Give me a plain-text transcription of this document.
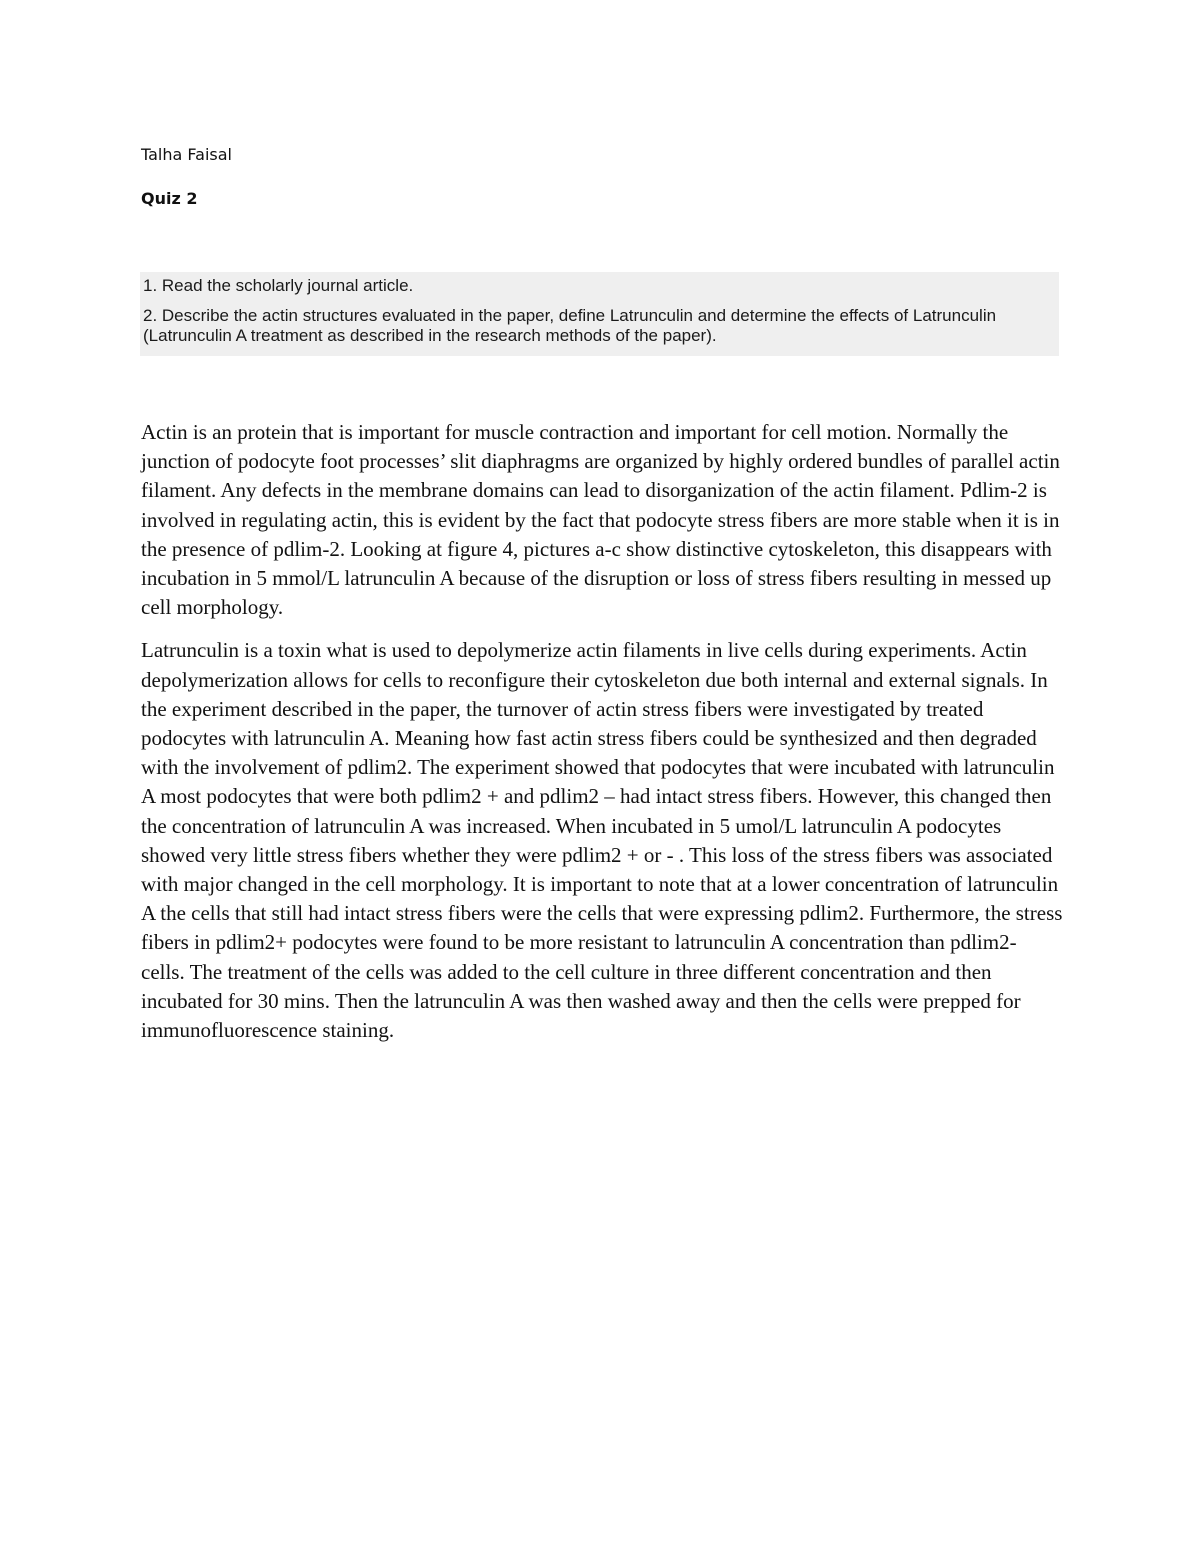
Talha Faisal

Quiz 2

1. Read the scholarly journal article.

2. Describe the actin structures evaluated in the paper, define Latrunculin and determine the effects of Latrunculin (Latrunculin A treatment as described in the research methods of the paper).

Actin is an protein that is important for muscle contraction and important for cell motion. Normally the junction of podocyte foot processes’ slit diaphragms are organized by highly ordered bundles of parallel actin filament. Any defects in the membrane domains can lead to disorganization of the actin filament. Pdlim-2 is involved in regulating actin, this is evident by the fact that podocyte stress fibers are more stable when it is in the presence of pdlim-2. Looking at figure 4, pictures a-c show distinctive cytoskeleton, this disappears with incubation in 5 mmol/L latrunculin A because of the disruption or loss of stress fibers resulting in messed up cell morphology.

Latrunculin is a toxin what is used to depolymerize actin filaments in live cells during experiments. Actin depolymerization allows for cells to reconfigure their cytoskeleton due both internal and external signals. In the experiment described in the paper, the turnover of actin stress fibers were investigated by treated podocytes with latrunculin A. Meaning how fast actin stress fibers could be synthesized and then degraded with the involvement of pdlim2. The experiment showed that podocytes that were incubated with latrunculin A most podocytes that were both pdlim2 + and pdlim2 – had intact stress fibers. However, this changed then the concentration of latrunculin A was increased. When incubated in 5 umol/L latrunculin A podocytes showed very little stress fibers whether they were pdlim2 + or - . This loss of the stress fibers was associated with major changed in the cell morphology. It is important to note that at a lower concentration of latrunculin A the cells that still had intact stress fibers were the cells that were expressing pdlim2. Furthermore, the stress fibers in pdlim2+ podocytes were found to be more resistant to latrunculin A concentration than pdlim2- cells. The treatment of the cells was added to the cell culture in three different concentration and then incubated for 30 mins. Then the latrunculin A was then washed away and then the cells were prepped for immunofluorescence staining.
